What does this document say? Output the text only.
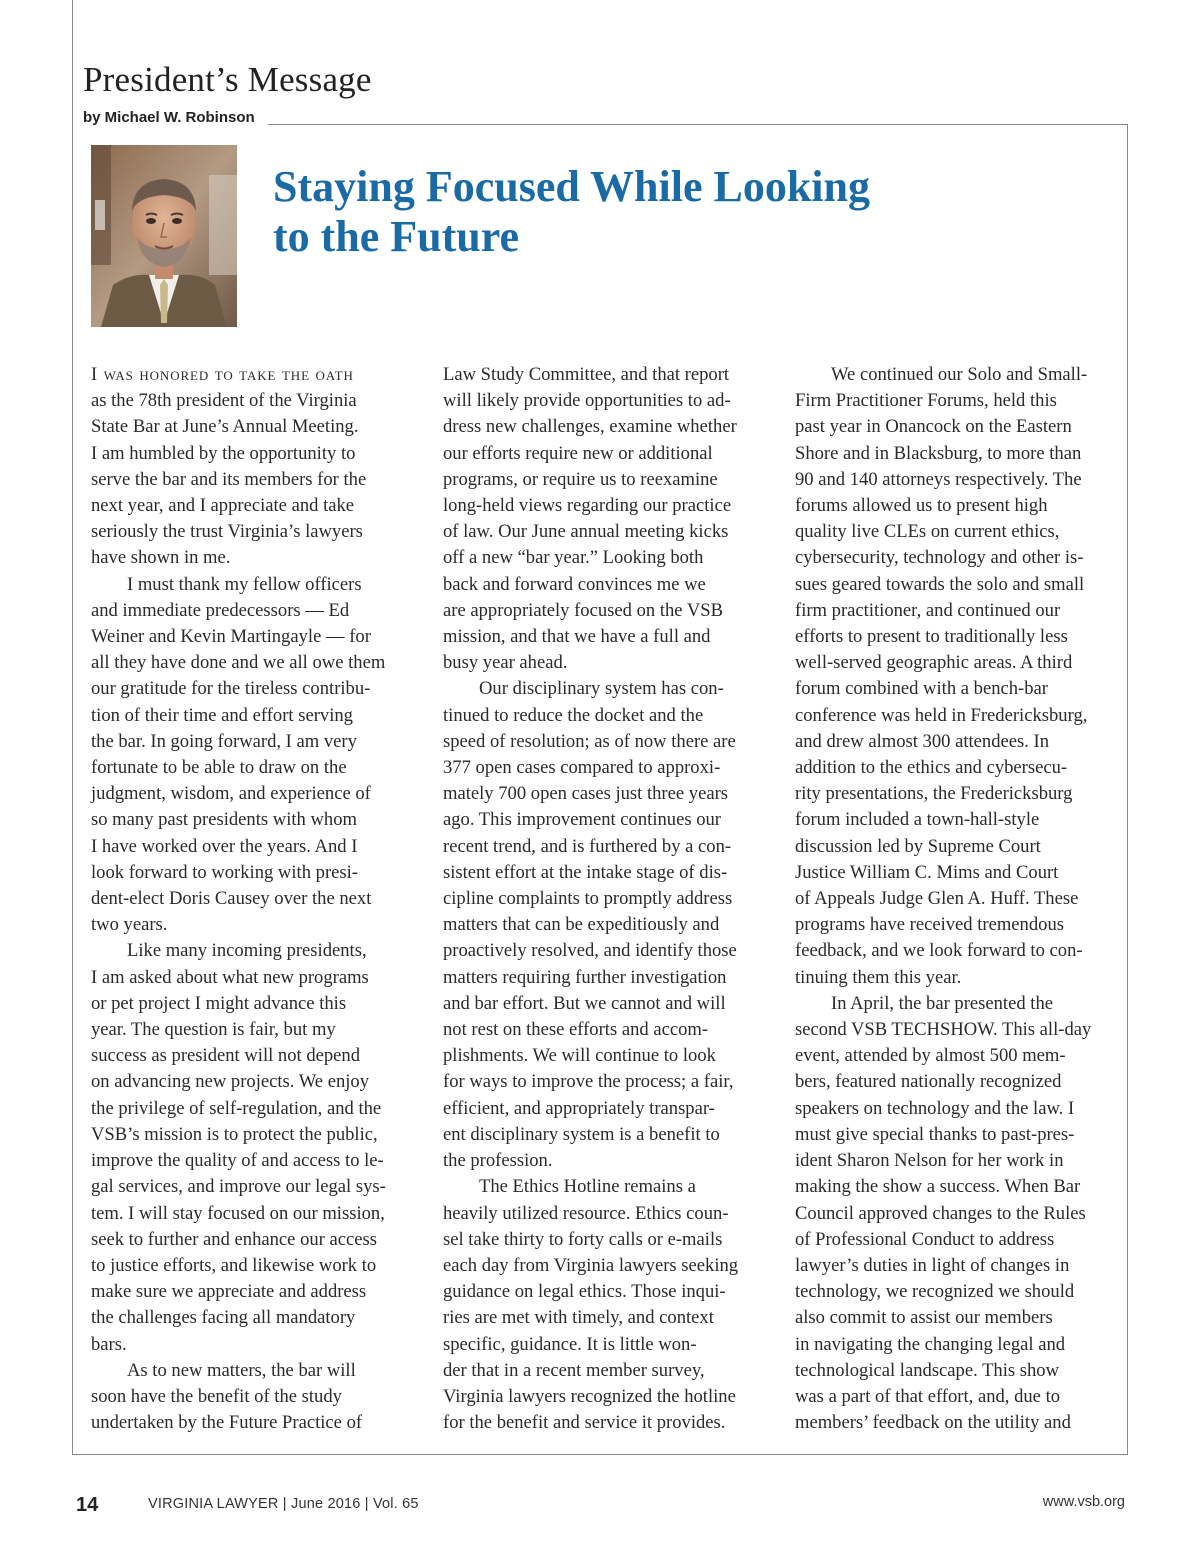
President’s Message
by Michael W. Robinson
Staying Focused While Looking
to the Future
I was honored to take the oath
as the 78th president of the Virginia
State Bar at June’s Annual Meeting.
I am humbled by the opportunity to
serve the bar and its members for the
next year, and I appreciate and take
seriously the trust Virginia’s lawyers
have shown in me.
I must thank my fellow officers
and immediate predecessors — Ed
Weiner and Kevin Martingayle — for
all they have done and we all owe them
our gratitude for the tireless contribu-
tion of their time and effort serving
the bar. In going forward, I am very
fortunate to be able to draw on the
judgment, wisdom, and experience of
so many past presidents with whom
I have worked over the years. And I
look forward to working with presi-
dent-elect Doris Causey over the next
two years.
Like many incoming presidents,
I am asked about what new programs
or pet project I might advance this
year. The question is fair, but my
success as president will not depend
on advancing new projects. We enjoy
the privilege of self-regulation, and the
VSB’s mission is to protect the public,
improve the quality of and access to le-
gal services, and improve our legal sys-
tem. I will stay focused on our mission,
seek to further and enhance our access
to justice efforts, and likewise work to
make sure we appreciate and address
the challenges facing all mandatory
bars.
As to new matters, the bar will
soon have the benefit of the study
undertaken by the Future Practice of
Law Study Committee, and that report
will likely provide opportunities to ad-
dress new challenges, examine whether
our efforts require new or additional
programs, or require us to reexamine
long-held views regarding our practice
of law. Our June annual meeting kicks
off a new “bar year.” Looking both
back and forward convinces me we
are appropriately focused on the VSB
mission, and that we have a full and
busy year ahead.
Our disciplinary system has con-
tinued to reduce the docket and the
speed of resolution; as of now there are
377 open cases compared to approxi-
mately 700 open cases just three years
ago. This improvement continues our
recent trend, and is furthered by a con-
sistent effort at the intake stage of dis-
cipline complaints to promptly address
matters that can be expeditiously and
proactively resolved, and identify those
matters requiring further investigation
and bar effort. But we cannot and will
not rest on these efforts and accom-
plishments. We will continue to look
for ways to improve the process; a fair,
efficient, and appropriately transpar-
ent disciplinary system is a benefit to
the profession.
The Ethics Hotline remains a
heavily utilized resource. Ethics coun-
sel take thirty to forty calls or e-mails
each day from Virginia lawyers seeking
guidance on legal ethics. Those inqui-
ries are met with timely, and context
specific, guidance. It is little won-
der that in a recent member survey,
Virginia lawyers recognized the hotline
for the benefit and service it provides.
We continued our Solo and Small-
Firm Practitioner Forums, held this
past year in Onancock on the Eastern
Shore and in Blacksburg, to more than
90 and 140 attorneys respectively. The
forums allowed us to present high
quality live CLEs on current ethics,
cybersecurity, technology and other is-
sues geared towards the solo and small
firm practitioner, and continued our
efforts to present to traditionally less
well-served geographic areas. A third
forum combined with a bench-bar
conference was held in Fredericksburg,
and drew almost 300 attendees. In
addition to the ethics and cybersecu-
rity presentations, the Fredericksburg
forum included a town-hall-style
discussion led by Supreme Court
Justice William C. Mims and Court
of Appeals Judge Glen A. Huff. These
programs have received tremendous
feedback, and we look forward to con-
tinuing them this year.
In April, the bar presented the
second VSB TECHSHOW. This all-day
event, attended by almost 500 mem-
bers, featured nationally recognized
speakers on technology and the law. I
must give special thanks to past-pres-
ident Sharon Nelson for her work in
making the show a success. When Bar
Council approved changes to the Rules
of Professional Conduct to address
lawyer’s duties in light of changes in
technology, we recognized we should
also commit to assist our members
in navigating the changing legal and
technological landscape. This show
was a part of that effort, and, due to
members’ feedback on the utility and
14	VIRGINIA LAWYER | June 2016 | Vol. 65	www.vsb.org
